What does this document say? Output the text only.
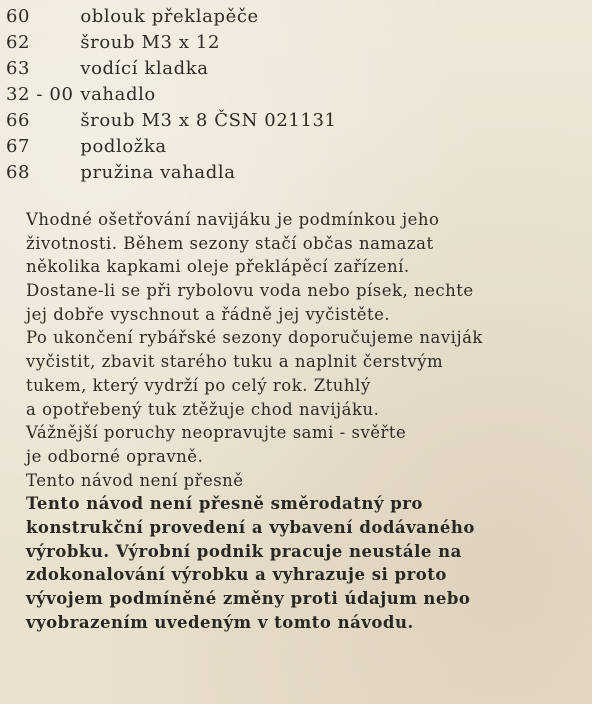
60	oblouk překlapěče
62	šroub M3 x 12
63	vodící kladka
32 - 00 vahadlo
66	šroub M3 x 8 ČSN 021131
67	podložka
68	pružina vahadla
Vhodné ošetřování navijáku je podmínkou jeho
životnosti. Během sezony stačí občas namazat
několika kapkami oleje překlápěcí zařízení.
Dostane-li se při rybolovu voda nebo písek, nechte
jej dobře vyschnout a řádně jej vyčistěte.
Po ukončení rybářské sezony doporučujeme naviják
vyčistit, zbavit starého tuku a naplnit čerstvým
tukem, který vydrží po celý rok. Ztuhlý
a opotřebený tuk ztěžuje chod navijáku.
Vážnější poruchy neopravujte sami - svěřte
je odborné opravně.
Tento návod není přesně
Tento návod není přesně směrodatný pro
konstrukční provedení a vybavení dodávaného
výrobku. Výrobní podnik pracuje neustále na
zdokonalování výrobku a vyhrazuje si proto
vývojem podmíněné změny proti údajum nebo
vyobrazením uvedeným v tomto návodu.
